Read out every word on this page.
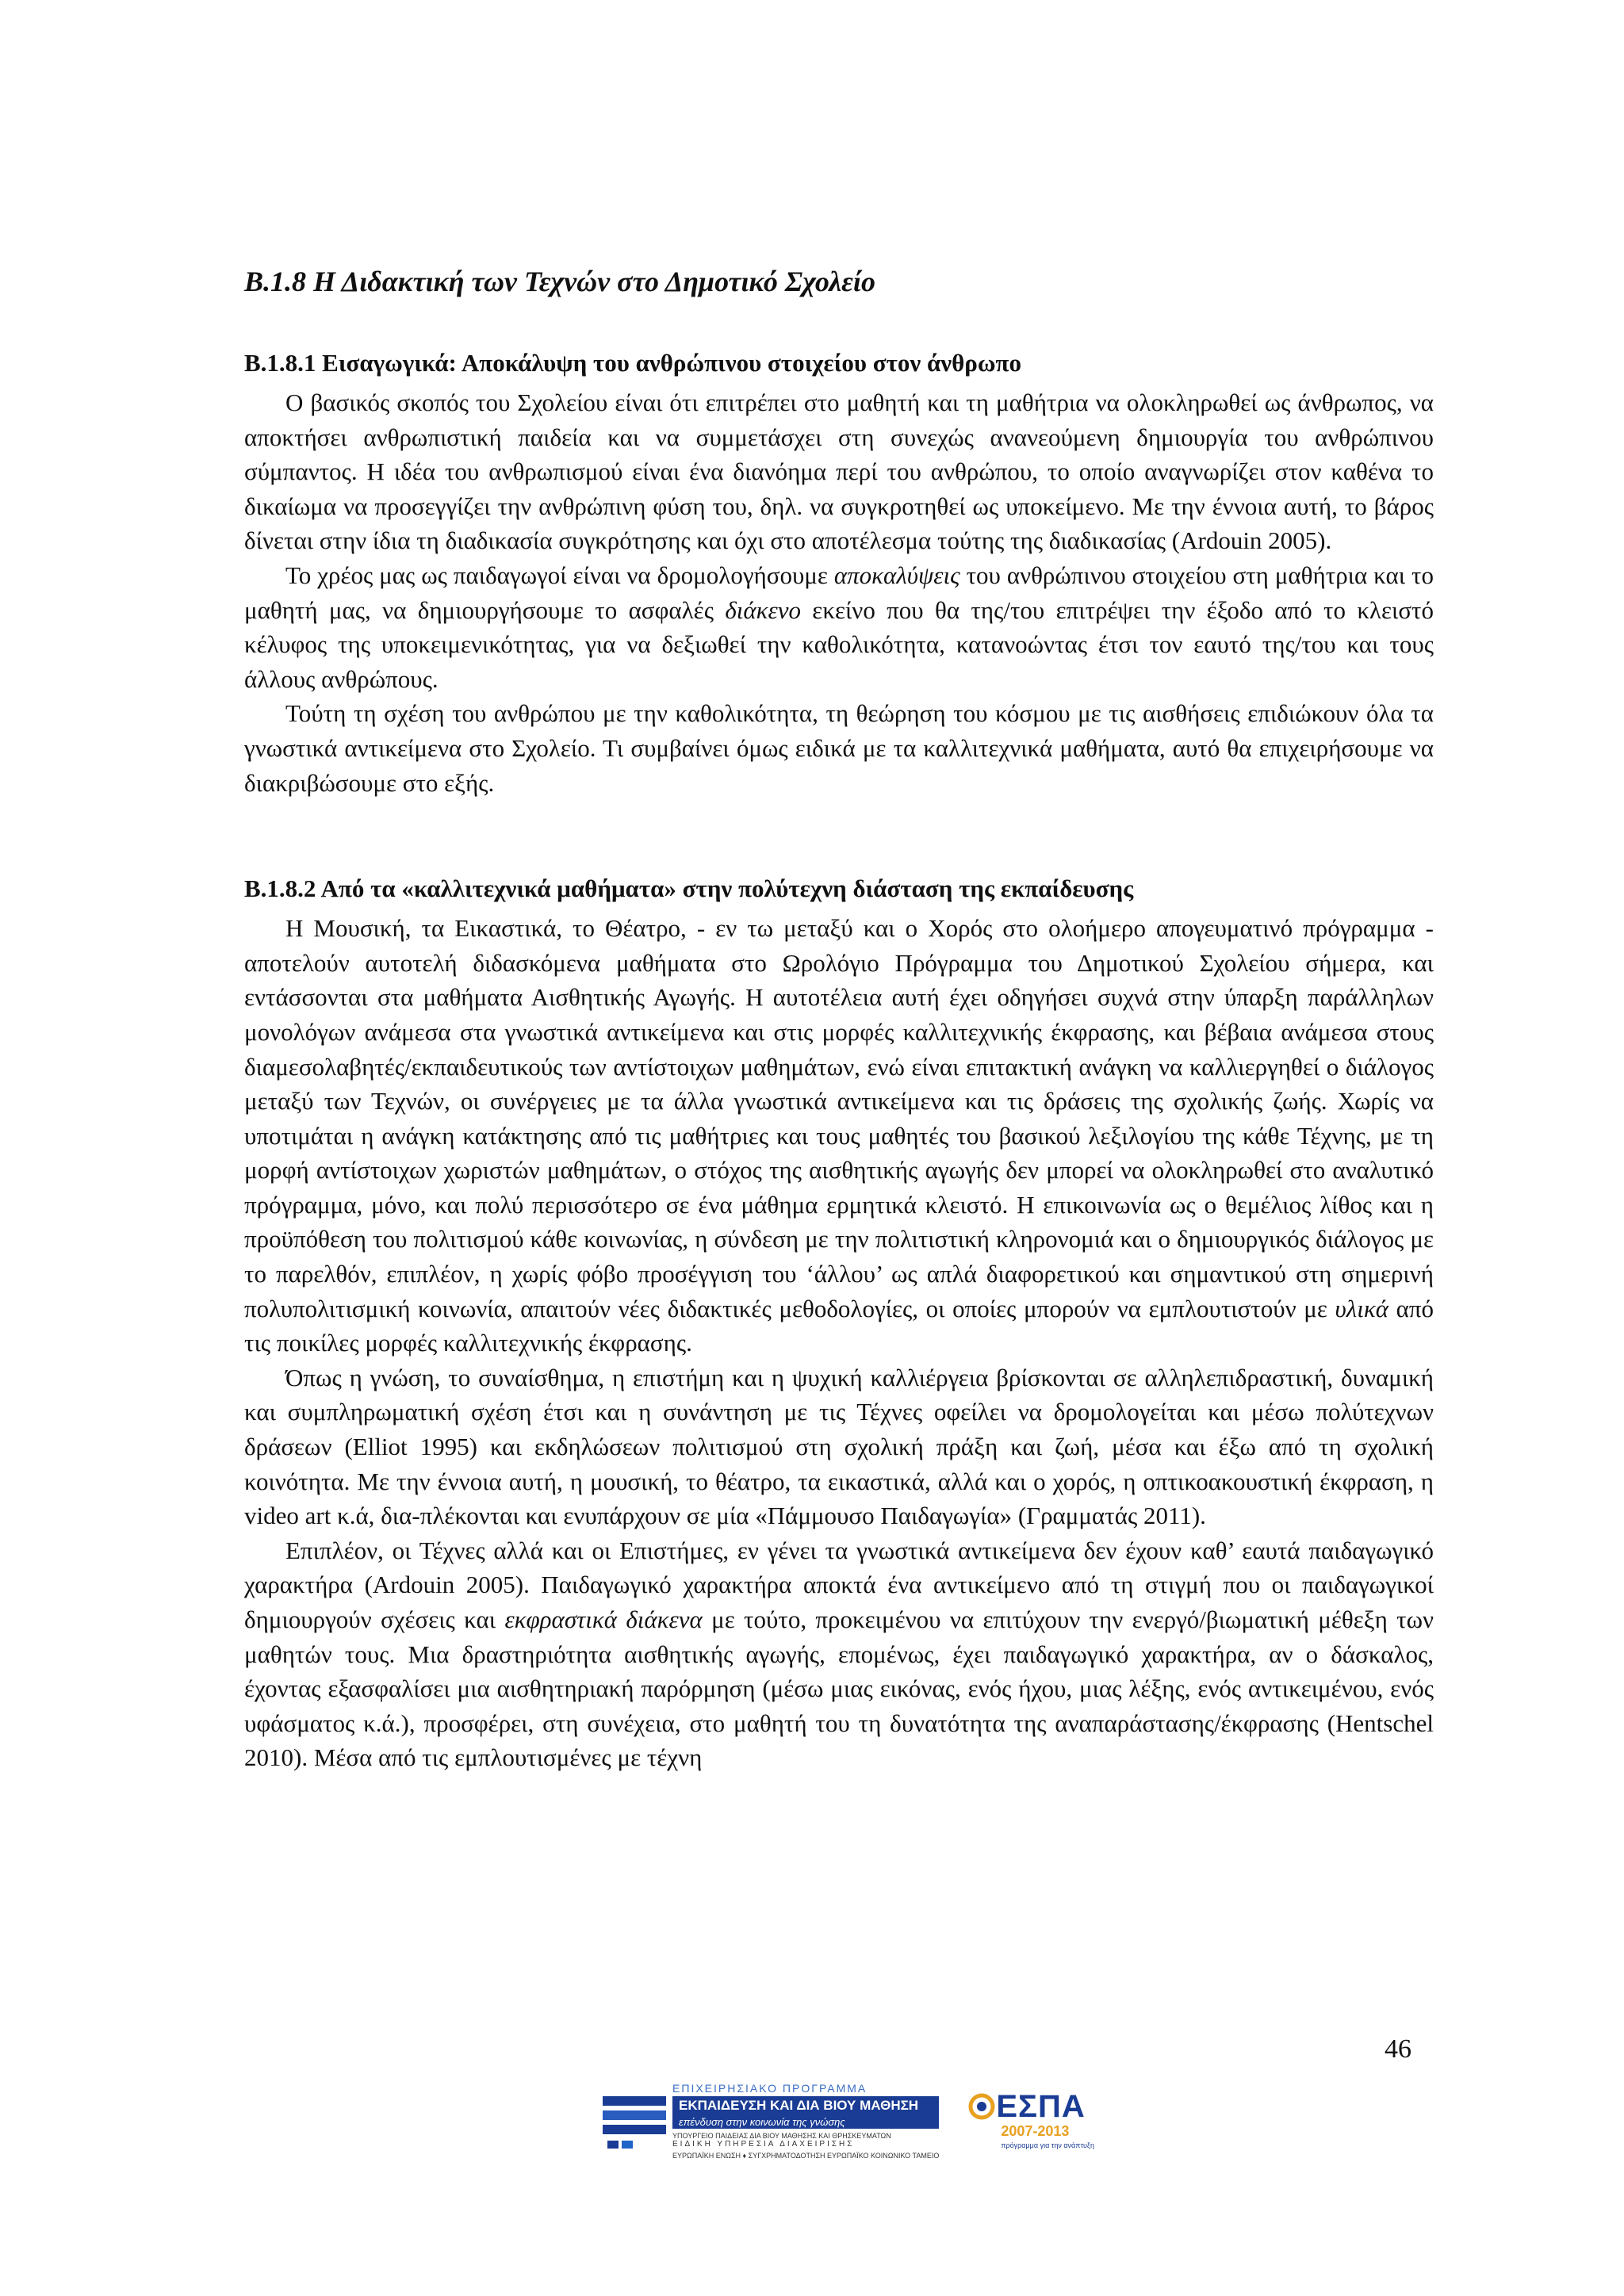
Β.1.8 Η Διδακτική των Τεχνών στο Δημοτικό Σχολείο
Β.1.8.1 Εισαγωγικά: Αποκάλυψη του ανθρώπινου στοιχείου στον άνθρωπο

Ο βασικός σκοπός του Σχολείου είναι ότι επιτρέπει στο μαθητή και τη μαθήτρια να ολοκληρωθεί ως άνθρωπος, να αποκτήσει ανθρωπιστική παιδεία και να συμμετάσχει στη συνεχώς ανανεούμενη δημιουργία του ανθρώπινου σύμπαντος. Η ιδέα του ανθρωπισμού είναι ένα διανόημα περί του ανθρώπου, το οποίο αναγνωρίζει στον καθένα το δικαίωμα να προσεγγίζει την ανθρώπινη φύση του, δηλ. να συγκροτηθεί ως υποκείμενο. Με την έννοια αυτή, το βάρος δίνεται στην ίδια τη διαδικασία συγκρότησης και όχι στο αποτέλεσμα τούτης της διαδικασίας (Ardouin 2005).

Το χρέος μας ως παιδαγωγοί είναι να δρομολογήσουμε αποκαλύψεις του ανθρώπινου στοιχείου στη μαθήτρια και το μαθητή μας, να δημιουργήσουμε το ασφαλές διάκενο εκείνο που θα της/του επιτρέψει την έξοδο από το κλειστό κέλυφος της υποκειμενικότητας, για να δεξιωθεί την καθολικότητα, κατανοώντας έτσι τον εαυτό της/του και τους άλλους ανθρώπους.

Τούτη τη σχέση του ανθρώπου με την καθολικότητα, τη θεώρηση του κόσμου με τις αισθήσεις επιδιώκουν όλα τα γνωστικά αντικείμενα στο Σχολείο. Τι συμβαίνει όμως ειδικά με τα καλλιτεχνικά μαθήματα, αυτό θα επιχειρήσουμε να διακριβώσουμε στο εξής.

Β.1.8.2 Από τα «καλλιτεχνικά μαθήματα» στην πολύτεχνη διάσταση της εκπαίδευσης

Η Μουσική, τα Εικαστικά, το Θέατρο, - εν τω μεταξύ και ο Χορός στο ολοήμερο απογευματινό πρόγραμμα - αποτελούν αυτοτελή διδασκόμενα μαθήματα στο Ωρολόγιο Πρόγραμμα του Δημοτικού Σχολείου σήμερα, και εντάσσονται στα μαθήματα Αισθητικής Αγωγής. Η αυτοτέλεια αυτή έχει οδηγήσει συχνά στην ύπαρξη παράλληλων μονολόγων ανάμεσα στα γνωστικά αντικείμενα και στις μορφές καλλιτεχνικής έκφρασης, και βέβαια ανάμεσα στους διαμεσολαβητές/εκπαιδευτικούς των αντίστοιχων μαθημάτων, ενώ είναι επιτακτική ανάγκη να καλλιεργηθεί ο διάλογος μεταξύ των Τεχνών, οι συνέργειες με τα άλλα γνωστικά αντικείμενα και τις δράσεις της σχολικής ζωής. Χωρίς να υποτιμάται η ανάγκη κατάκτησης από τις μαθήτριες και τους μαθητές του βασικού λεξιλογίου της κάθε Τέχνης, με τη μορφή αντίστοιχων χωριστών μαθημάτων, ο στόχος της αισθητικής αγωγής δεν μπορεί να ολοκληρωθεί στο αναλυτικό πρόγραμμα, μόνο, και πολύ περισσότερο σε ένα μάθημα ερμητικά κλειστό. Η επικοινωνία ως ο θεμέλιος λίθος και η προϋπόθεση του πολιτισμού κάθε κοινωνίας, η σύνδεση με την πολιτιστική κληρονομιά και ο δημιουργικός διάλογος με το παρελθόν, επιπλέον, η χωρίς φόβο προσέγγιση του ‘άλλου’ ως απλά διαφορετικού και σημαντικού στη σημερινή πολυπολιτισμική κοινωνία, απαιτούν νέες διδακτικές μεθοδολογίες, οι οποίες μπορούν να εμπλουτιστούν με υλικά από τις ποικίλες μορφές καλλιτεχνικής έκφρασης.

Όπως η γνώση, το συναίσθημα, η επιστήμη και η ψυχική καλλιέργεια βρίσκονται σε αλληλεπιδραστική, δυναμική και συμπληρωματική σχέση έτσι και η συνάντηση με τις Τέχνες οφείλει να δρομολογείται και μέσω πολύτεχνων δράσεων (Elliot 1995) και εκδηλώσεων πολιτισμού στη σχολική πράξη και ζωή, μέσα και έξω από τη σχολική κοινότητα. Με την έννοια αυτή, η μουσική, το θέατρο, τα εικαστικά, αλλά και ο χορός, η οπτικοακουστική έκφραση, η video art κ.ά, δια-πλέκονται και ενυπάρχουν σε μία «Πάμμουσο Παιδαγωγία» (Γραμματάς 2011).

Επιπλέον, οι Τέχνες αλλά και οι Επιστήμες, εν γένει τα γνωστικά αντικείμενα δεν έχουν καθ’ εαυτά παιδαγωγικό χαρακτήρα (Ardouin 2005). Παιδαγωγικό χαρακτήρα αποκτά ένα αντικείμενο από τη στιγμή που οι παιδαγωγικοί δημιουργούν σχέσεις και εκφραστικά διάκενα με τούτο, προκειμένου να επιτύχουν την ενεργό/βιωματική μέθεξη των μαθητών τους. Μια δραστηριότητα αισθητικής αγωγής, επομένως, έχει παιδαγωγικό χαρακτήρα, αν ο δάσκαλος, έχοντας εξασφαλίσει μια αισθητηριακή παρόρμηση (μέσω μιας εικόνας, ενός ήχου, μιας λέξης, ενός αντικειμένου, ενός υφάσματος κ.ά.), προσφέρει, στη συνέχεια, στο μαθητή του τη δυνατότητα της αναπαράστασης/έκφρασης (Hentschel 2010). Μέσα από τις εμπλουτισμένες με τέχνη

46
ΕΠΙΧΕΙΡΗΣΙΑΚΟ ΠΡΟΓΡΑΜΜΑ
ΕΚΠΑΙΔΕΥΣΗ ΚΑΙ ΔΙΑ ΒΙΟΥ ΜΑΘΗΣΗ
επένδυση στην κοινωνία της γνώσης
ΥΠΟΥΡΓΕΙΟ ΠΑΙΔΕΙΑΣ ΔΙΑ ΒΙΟΥ ΜΑΘΗΣΗΣ ΚΑΙ ΘΡΗΣΚΕΥΜΑΤΩΝ
ΕΙΔΙΚΗ ΥΠΗΡΕΣΙΑ ΔΙΑΧΕΙΡΙΣΗΣ
ΕΥΡΩΠΑΪΚΗ ΕΝΩΣΗ ♦ ΣΥΓΧΡΗΜΑΤΟΔΟΤΗΣΗ ΕΥΡΩΠΑΪΚΟ ΚΟΙΝΩΝΙΚΟ ΤΑΜΕΙΟ
ΕΣΠΑ
2007-2013
πρόγραμμα για την ανάπτυξη
